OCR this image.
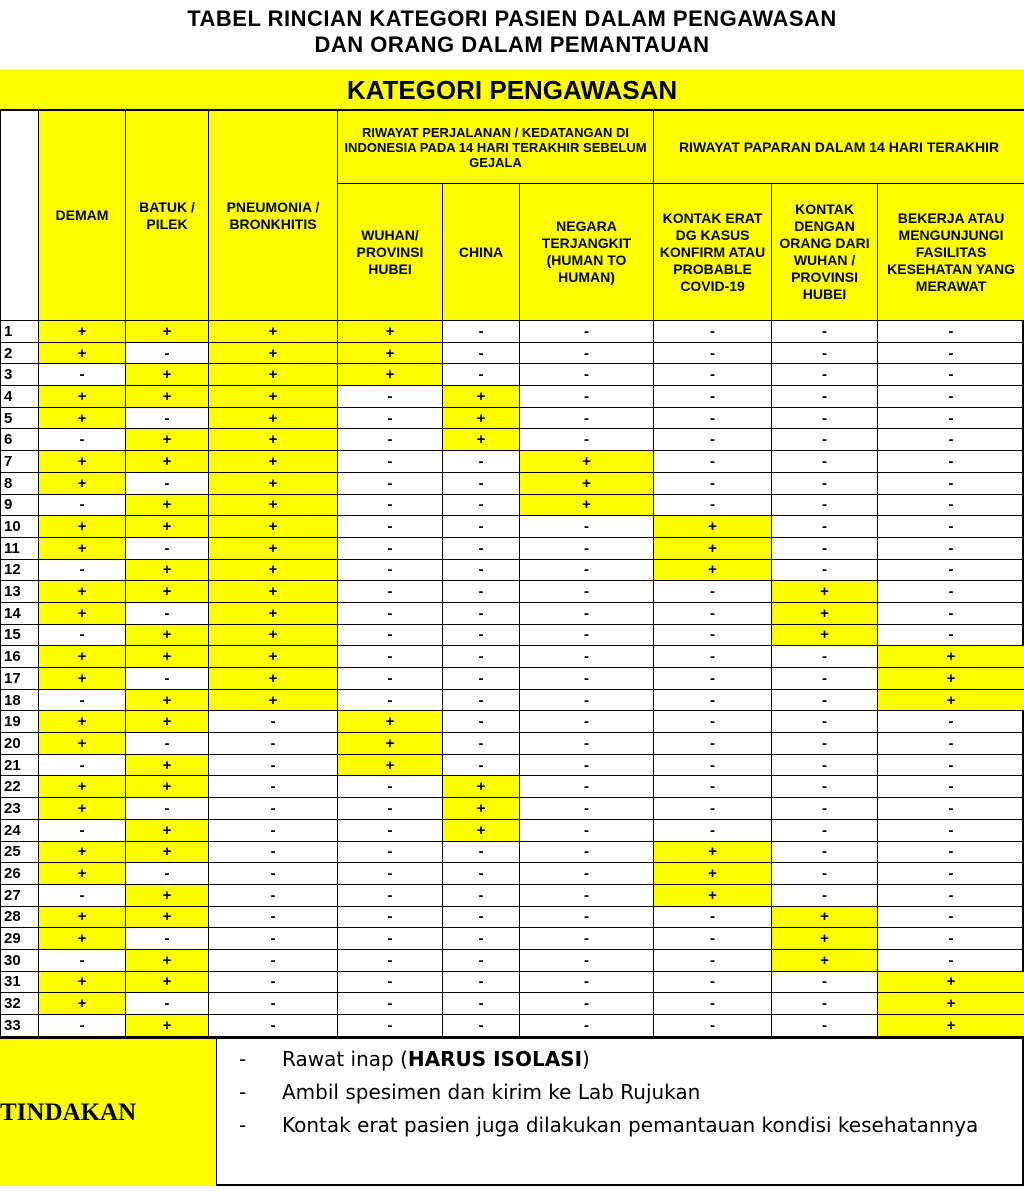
TABEL RINCIAN KATEGORI PASIEN DALAM PENGAWASAN
DAN ORANG DALAM PEMANTAUAN
KATEGORI PENGAWASAN
	DEMAM	BATUK / PILEK	PNEUMONIA / BRONKHITIS	RIWAYAT PERJALANAN / KEDATANGAN DI INDONESIA PADA 14 HARI TERAKHIR SEBELUM GEJALA			RIWAYAT PAPARAN DALAM 14 HARI TERAKHIR		
				WUHAN/ PROVINSI HUBEI	CHINA	NEGARA TERJANGKIT (HUMAN TO HUMAN)	KONTAK ERAT DG KASUS KONFIRM ATAU PROBABLE COVID-19	KONTAK DENGAN ORANG DARI WUHAN / PROVINSI HUBEI	BEKERJA ATAU MENGUNJUNGI FASILITAS KESEHATAN YANG MERAWAT
1	+	+	+	+	-	-	-	-	-
2	+	-	+	+	-	-	-	-	-
3	-	+	+	+	-	-	-	-	-
4	+	+	+	-	+	-	-	-	-
5	+	-	+	-	+	-	-	-	-
6	-	+	+	-	+	-	-	-	-
7	+	+	+	-	-	+	-	-	-
8	+	-	+	-	-	+	-	-	-
9	-	+	+	-	-	+	-	-	-
10	+	+	+	-	-	-	+	-	-
11	+	-	+	-	-	-	+	-	-
12	-	+	+	-	-	-	+	-	-
13	+	+	+	-	-	-	-	+	-
14	+	-	+	-	-	-	-	+	-
15	-	+	+	-	-	-	-	+	-
16	+	+	+	-	-	-	-	-	+
17	+	-	+	-	-	-	-	-	+
18	-	+	+	-	-	-	-	-	+
19	+	+	-	+	-	-	-	-	-
20	+	-	-	+	-	-	-	-	-
21	-	+	-	+	-	-	-	-	-
22	+	+	-	-	+	-	-	-	-
23	+	-	-	-	+	-	-	-	-
24	-	+	-	-	+	-	-	-	-
25	+	+	-	-	-	-	+	-	-
26	+	-	-	-	-	-	+	-	-
27	-	+	-	-	-	-	+	-	-
28	+	+	-	-	-	-	-	+	-
29	+	-	-	-	-	-	-	+	-
30	-	+	-	-	-	-	-	+	-
31	+	+	-	-	-	-	-	-	+
32	+	-	-	-	-	-	-	-	+
33	-	+	-	-	-	-	-	-	+
TINDAKAN
- Rawat inap (HARUS ISOLASI)
- Ambil spesimen dan kirim ke Lab Rujukan
- Kontak erat pasien juga dilakukan pemantauan kondisi kesehatannya
